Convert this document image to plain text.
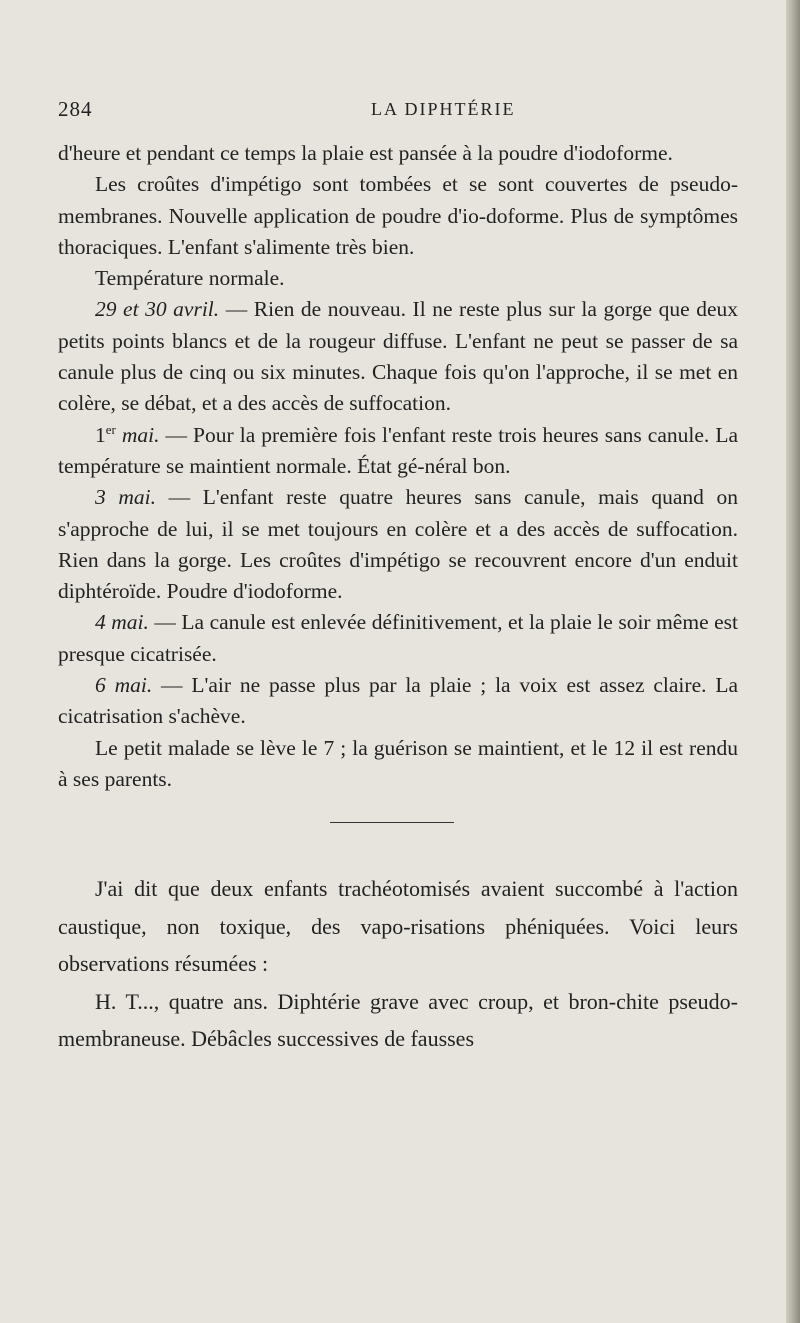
284	LA DIPHTÉRIE

d'heure et pendant ce temps la plaie est pansée à la poudre d'iodoforme.

Les croûtes d'impétigo sont tombées et se sont couvertes de pseudo-membranes. Nouvelle application de poudre d'io-doforme. Plus de symptômes thoraciques. L'enfant s'alimente très bien.

Température normale.

29 et 30 avril. — Rien de nouveau. Il ne reste plus sur la gorge que deux petits points blancs et de la rougeur diffuse. L'enfant ne peut se passer de sa canule plus de cinq ou six minutes. Chaque fois qu'on l'approche, il se met en colère, se débat, et a des accès de suffocation.

1er mai. — Pour la première fois l'enfant reste trois heures sans canule. La température se maintient normale. État gé-néral bon.

3 mai. — L'enfant reste quatre heures sans canule, mais quand on s'approche de lui, il se met toujours en colère et a des accès de suffocation. Rien dans la gorge. Les croûtes d'impétigo se recouvrent encore d'un enduit diphtéroïde. Poudre d'iodoforme.

4 mai. — La canule est enlevée définitivement, et la plaie le soir même est presque cicatrisée.

6 mai. — L'air ne passe plus par la plaie ; la voix est assez claire. La cicatrisation s'achève.

Le petit malade se lève le 7 ; la guérison se maintient, et le 12 il est rendu à ses parents.

J'ai dit que deux enfants trachéotomisés avaient succombé à l'action caustique, non toxique, des vapo-risations phéniquées. Voici leurs observations résumées :

H. T..., quatre ans. Diphtérie grave avec croup, et bron-chite pseudo-membraneuse. Débâcles successives de fausses
